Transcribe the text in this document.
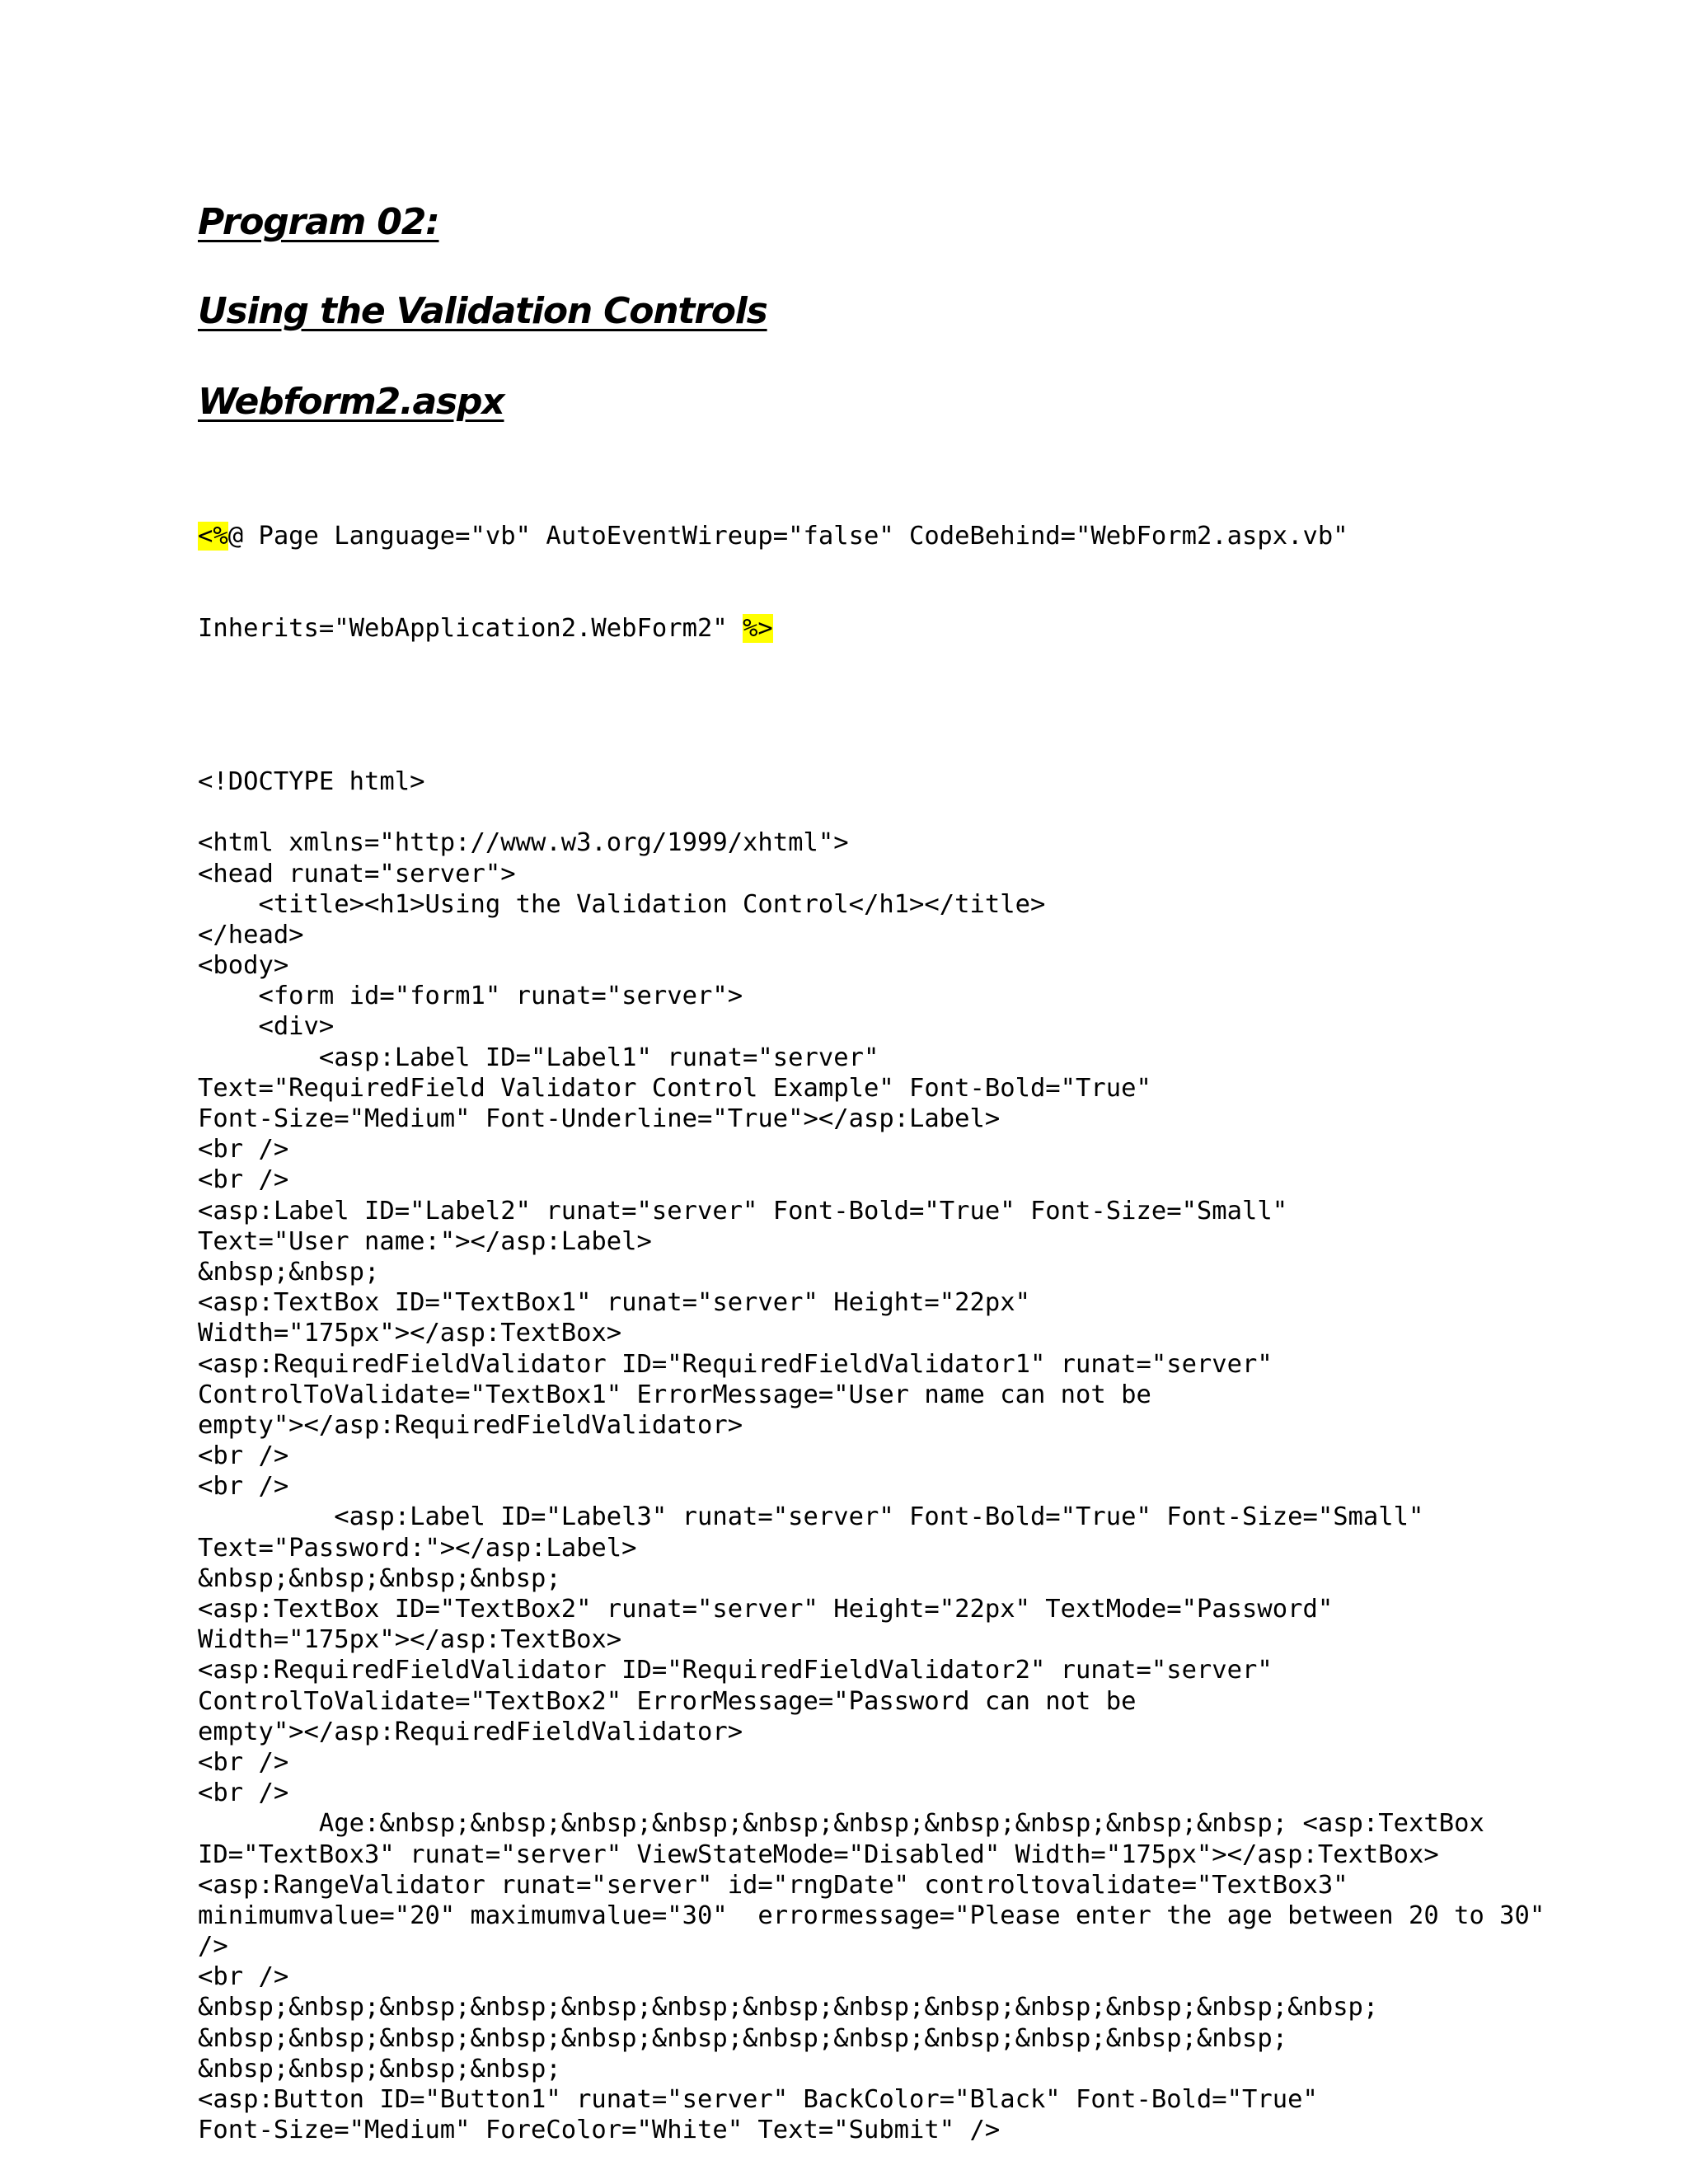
Program 02:
Using the Validation Controls
Webform2.aspx

<%@ Page Language="vb" AutoEventWireup="false" CodeBehind="WebForm2.aspx.vb"

Inherits="WebApplication2.WebForm2" %>

<!DOCTYPE html>
<html xmlns="http://www.w3.org/1999/xhtml">
<head runat="server">
<title><h1>Using the Validation Control</h1></title>
</head>
<body>
<form id="form1" runat="server">
<div>
<asp:Label ID="Label1" runat="server"
Text="RequiredField Validator Control Example" Font-Bold="True"
Font-Size="Medium" Font-Underline="True"></asp:Label>
<br />
<br />
<asp:Label ID="Label2" runat="server" Font-Bold="True" Font-Size="Small"
Text="User name:"></asp:Label>
&nbsp;&nbsp;
<asp:TextBox ID="TextBox1" runat="server" Height="22px"
Width="175px"></asp:TextBox>
<asp:RequiredFieldValidator ID="RequiredFieldValidator1" runat="server"
ControlToValidate="TextBox1" ErrorMessage="User name can not be
empty"></asp:RequiredFieldValidator>
<br />
<br />
<asp:Label ID="Label3" runat="server" Font-Bold="True" Font-Size="Small"
Text="Password:"></asp:Label>
&nbsp;&nbsp;&nbsp;&nbsp;
<asp:TextBox ID="TextBox2" runat="server" Height="22px" TextMode="Password"
Width="175px"></asp:TextBox>
<asp:RequiredFieldValidator ID="RequiredFieldValidator2" runat="server"
ControlToValidate="TextBox2" ErrorMessage="Password can not be
empty"></asp:RequiredFieldValidator>
<br />
<br />
Age:&nbsp;&nbsp;&nbsp;&nbsp;&nbsp;&nbsp;&nbsp;&nbsp;&nbsp;&nbsp; <asp:TextBox
ID="TextBox3" runat="server" ViewStateMode="Disabled" Width="175px"></asp:TextBox>
<asp:RangeValidator runat="server" id="rngDate" controltovalidate="TextBox3"
minimumvalue="20" maximumvalue="30"  errormessage="Please enter the age between 20 to 30"
/>
<br />
&nbsp;&nbsp;&nbsp;&nbsp;&nbsp;&nbsp;&nbsp;&nbsp;&nbsp;&nbsp;&nbsp;&nbsp;&nbsp;
&nbsp;&nbsp;&nbsp;&nbsp;&nbsp;&nbsp;&nbsp;&nbsp;&nbsp;&nbsp;&nbsp;&nbsp;
&nbsp;&nbsp;&nbsp;&nbsp;
<asp:Button ID="Button1" runat="server" BackColor="Black" Font-Bold="True"
Font-Size="Medium" ForeColor="White" Text="Submit" />
